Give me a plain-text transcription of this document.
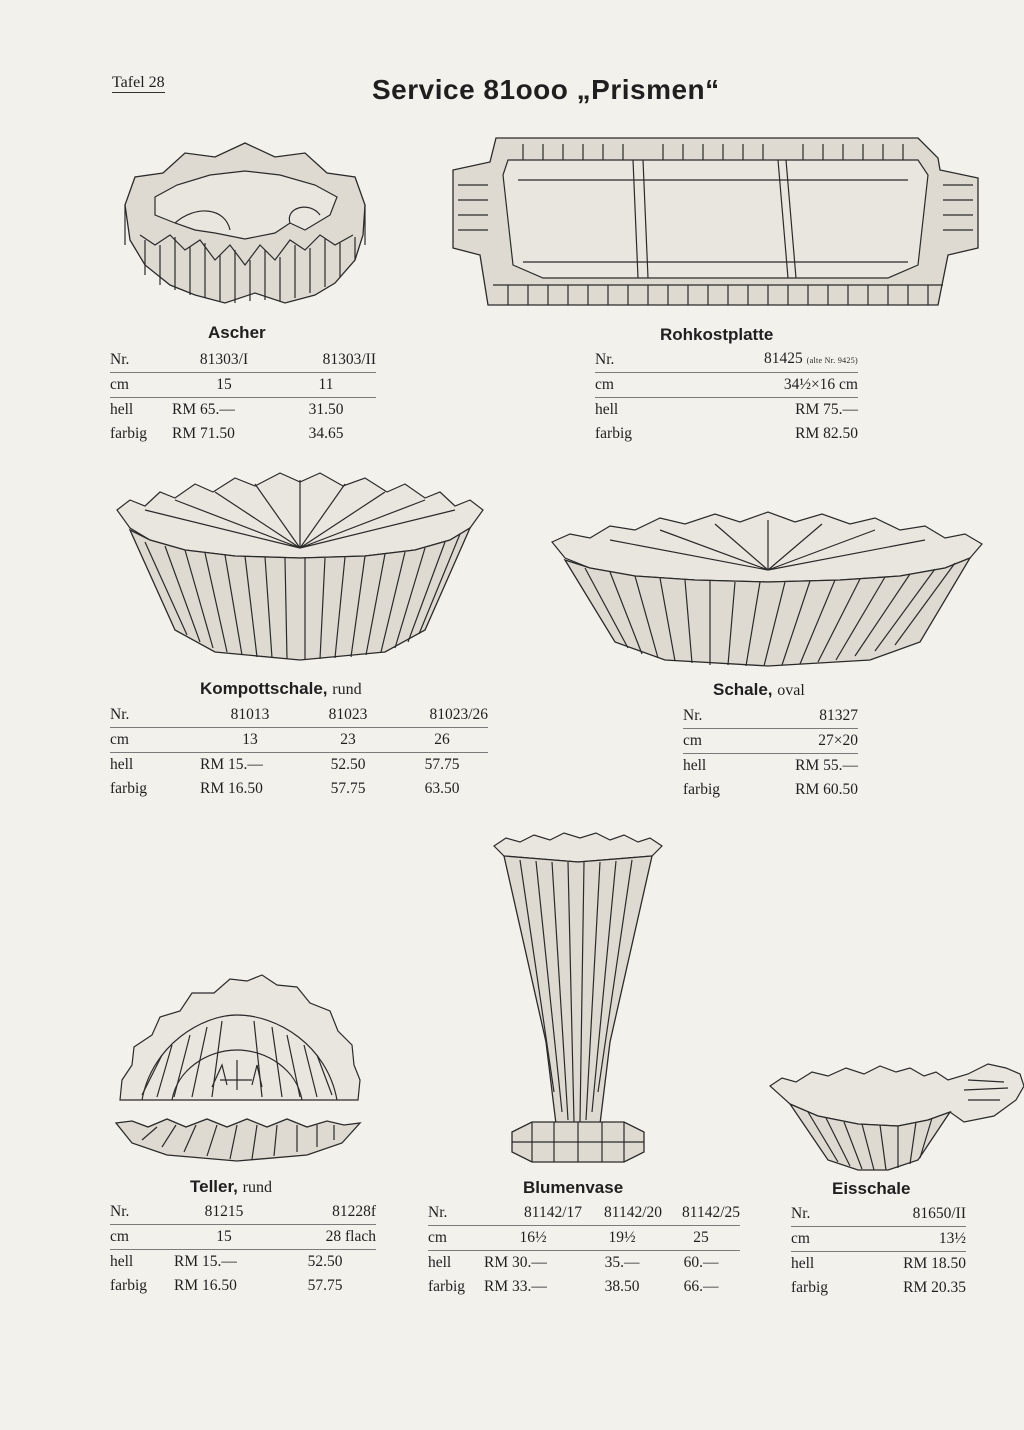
Tafel 28	Service 81ooo „Prismen“
Ascher
Nr.	81303/I	81303/II
cm	15	11
hell	RM 65.—	31.50
farbig	RM 71.50	34.65
Rohkostplatte
Nr.	81425 (alte Nr. 9425)
cm	34½×16 cm
hell	RM 75.—
farbig	RM 82.50
Kompottschale, rund
Nr.	81013	81023	81023/26
cm	13	23	26
hell	RM 15.—	52.50	57.75
farbig	RM 16.50	57.75	63.50
Schale, oval
Nr.	81327
cm	27×20
hell	RM 55.—
farbig	RM 60.50
Teller, rund
Nr.	81215	81228f
cm	15	28 flach
hell	RM 15.—	52.50
farbig	RM 16.50	57.75
Blumenvase
Nr.	81142/17	81142/20	81142/25
cm	16½	19½	25
hell	RM 30.—	35.—	60.—
farbig	RM 33.—	38.50	66.—
Eisschale
Nr.	81650/II
cm	13½
hell	RM 18.50
farbig	RM 20.35
